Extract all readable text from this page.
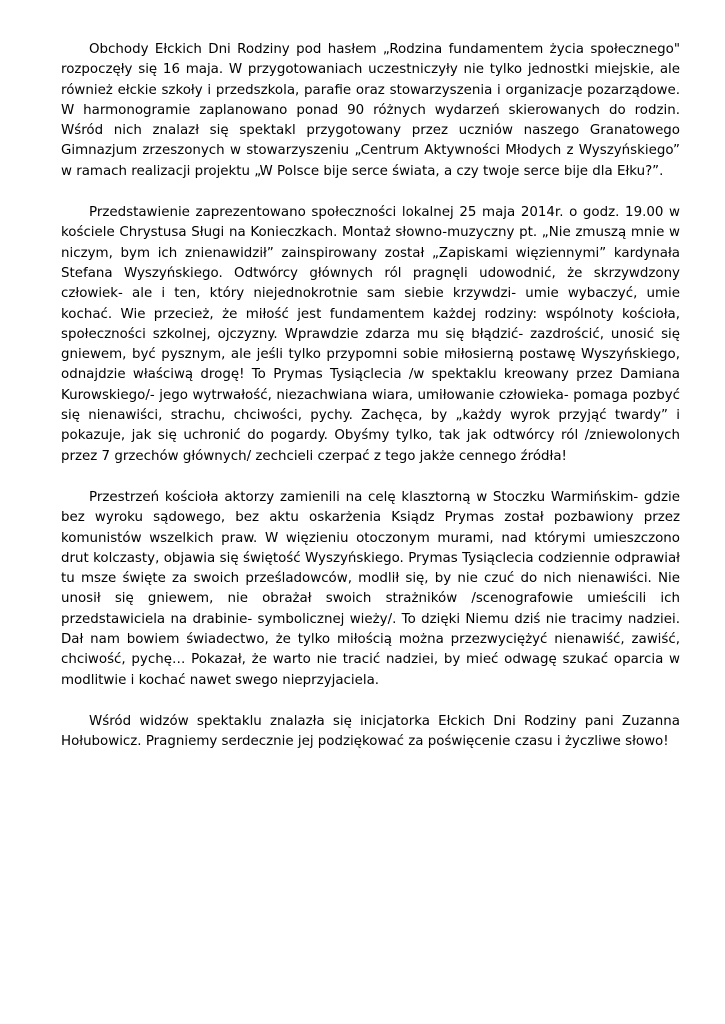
Obchody Ełckich Dni Rodziny pod hasłem „Rodzina fundamentem życia społecznego" rozpoczęły się 16 maja. W przygotowaniach uczestniczyły nie tylko jednostki miejskie, ale również ełckie szkoły i przedszkola, parafie oraz stowarzyszenia i organizacje pozarządowe. W harmonogramie zaplanowano ponad 90 różnych wydarzeń skierowanych do rodzin. Wśród nich znalazł się spektakl przygotowany przez uczniów naszego Granatowego Gimnazjum zrzeszonych w stowarzyszeniu „Centrum Aktywności Młodych z Wyszyńskiego” w ramach realizacji projektu „W Polsce bije serce świata, a czy twoje serce bije dla Ełku?”.

Przedstawienie zaprezentowano społeczności lokalnej 25 maja 2014r. o godz. 19.00 w kościele Chrystusa Sługi na Konieczkach. Montaż słowno-muzyczny pt. „Nie zmuszą mnie w niczym, bym ich znienawidził” zainspirowany został „Zapiskami więziennymi” kardynała Stefana Wyszyńskiego. Odtwórcy głównych ról pragnęli udowodnić, że skrzywdzony człowiek- ale i ten, który niejednokrotnie sam siebie krzywdzi- umie wybaczyć, umie kochać. Wie przecież, że miłość jest fundamentem każdej rodziny: wspólnoty kościoła, społeczności szkolnej, ojczyzny. Wprawdzie zdarza mu się błądzić- zazdrościć, unosić się gniewem, być pysznym, ale jeśli tylko przypomni sobie miłosierną postawę Wyszyńskiego, odnajdzie właściwą drogę! To Prymas Tysiąclecia /w spektaklu kreowany przez Damiana Kurowskiego/- jego wytrwałość, niezachwiana wiara, umiłowanie człowieka- pomaga pozbyć się nienawiści, strachu, chciwości, pychy. Zachęca, by „każdy wyrok przyjąć twardy” i pokazuje, jak się uchronić do pogardy. Obyśmy tylko, tak jak odtwórcy ról /zniewolonych przez 7 grzechów głównych/ zechcieli czerpać z tego jakże cennego źródła!

Przestrzeń kościoła aktorzy zamienili na celę klasztorną w Stoczku Warmińskim- gdzie bez wyroku sądowego, bez aktu oskarżenia Ksiądz Prymas został pozbawiony przez komunistów wszelkich praw. W więzieniu otoczonym murami, nad którymi umieszczono drut kolczasty, objawia się świętość Wyszyńskiego. Prymas Tysiąclecia codziennie odprawiał tu msze święte za swoich prześladowców, modlił się, by nie czuć do nich nienawiści. Nie unosił się gniewem, nie obrażał swoich strażników /scenografowie umieścili ich przedstawiciela na drabinie- symbolicznej wieży/. To dzięki Niemu dziś nie tracimy nadziei. Dał nam bowiem świadectwo, że tylko miłością można przezwyciężyć nienawiść, zawiść, chciwość, pychę… Pokazał, że warto nie tracić nadziei, by mieć odwagę szukać oparcia w modlitwie i kochać nawet swego nieprzyjaciela.

Wśród widzów spektaklu znalazła się inicjatorka Ełckich Dni Rodziny pani Zuzanna Hołubowicz. Pragniemy serdecznie jej podziękować za poświęcenie czasu i życzliwe słowo!
